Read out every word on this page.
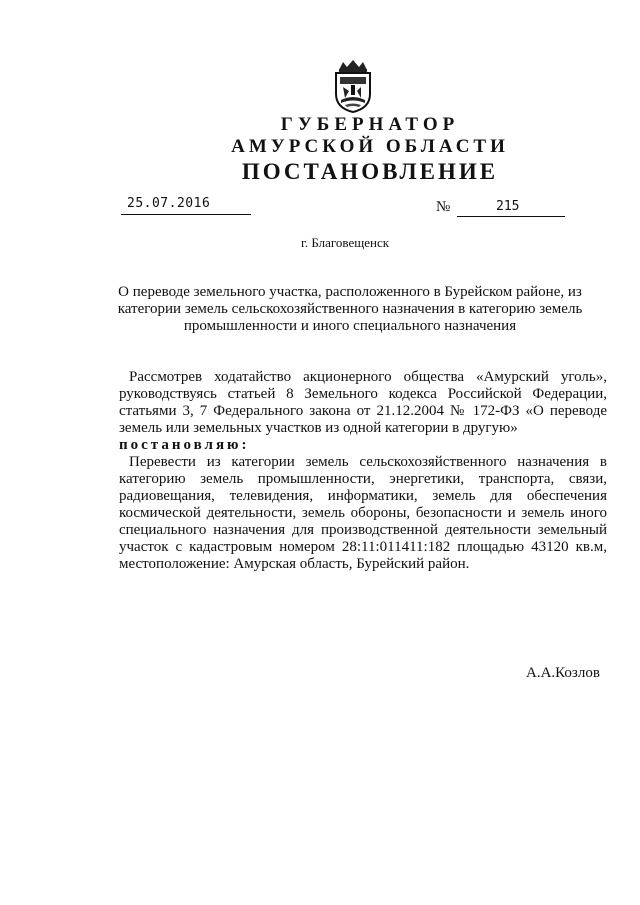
ГУБЕРНАТОР
АМУРСКОЙ ОБЛАСТИ
ПОСТАНОВЛЕНИЕ
25.07.2016	№	215
г. Благовещенск
О переводе земельного участка, расположенного в Бурейском районе, из категории земель сельскохозяйственного назначения в категорию земель промышленности и иного специального назначения

Рассмотрев ходатайство акционерного общества «Амурский уголь», руководствуясь статьей 8 Земельного кодекса Российской Федерации, статьями 3, 7 Федерального закона от 21.12.2004 № 172-ФЗ «О переводе земель или земельных участков из одной категории в другую»

постановляю:

Перевести из категории земель сельскохозяйственного назначения в категорию земель промышленности, энергетики, транспорта, связи, радиовещания, телевидения, информатики, земель для обеспечения космической деятельности, земель обороны, безопасности и земель иного специального назначения для производственной деятельности земельный участок с кадастровым номером 28:11:011411:182 площадью 43120 кв.м, местоположение: Амурская область, Бурейский район.

А.А.Козлов
